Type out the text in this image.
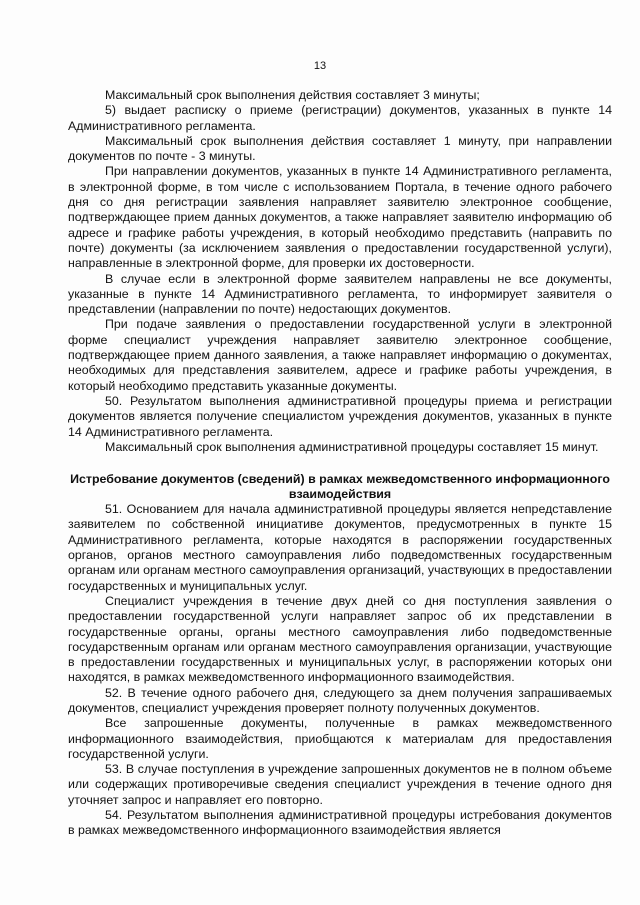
13

Максимальный срок выполнения действия составляет 3 минуты;

5) выдает расписку о приеме (регистрации) документов, указанных в пункте 14 Административного регламента.

Максимальный срок выполнения действия составляет 1 минуту, при направлении документов по почте - 3 минуты.

При направлении документов, указанных в пункте 14 Административного регламента, в электронной форме, в том числе с использованием Портала, в течение одного рабочего дня со дня регистрации заявления направляет заявителю электронное сообщение, подтверждающее прием данных документов, а также направляет заявителю информацию об адресе и графике работы учреждения, в который необходимо представить (направить по почте) документы (за исключением заявления о предоставлении государственной услуги), направленные в электронной форме, для проверки их достоверности.

В случае если в электронной форме заявителем направлены не все документы, указанные в пункте 14 Административного регламента, то информирует заявителя о представлении (направлении по почте) недостающих документов.

При подаче заявления о предоставлении государственной услуги в электронной форме специалист учреждения направляет заявителю электронное сообщение, подтверждающее прием данного заявления, а также направляет информацию о документах, необходимых для представления заявителем, адресе и графике работы учреждения, в который необходимо представить указанные документы.

50. Результатом выполнения административной процедуры приема и регистрации документов является получение специалистом учреждения документов, указанных в пункте 14 Административного регламента.

Максимальный срок выполнения административной процедуры составляет 15 минут.

Истребование документов (сведений) в рамках межведомственного информационного взаимодействия

51. Основанием для начала административной процедуры является непредставление заявителем по собственной инициативе документов, предусмотренных в пункте 15 Административного регламента, которые находятся в распоряжении государственных органов, органов местного самоуправления либо подведомственных государственным органам или органам местного самоуправления организаций, участвующих в предоставлении государственных и муниципальных услуг.

Специалист учреждения в течение двух дней со дня поступления заявления о предоставлении государственной услуги направляет запрос об их представлении в государственные органы, органы местного самоуправления либо подведомственные государственным органам или органам местного самоуправления организации, участвующие в предоставлении государственных и муниципальных услуг, в распоряжении которых они находятся, в рамках межведомственного информационного взаимодействия.

52. В течение одного рабочего дня, следующего за днем получения запрашиваемых документов, специалист учреждения проверяет полноту полученных документов.

Все запрошенные документы, полученные в рамках межведомственного информационного взаимодействия, приобщаются к материалам для предоставления государственной услуги.

53. В случае поступления в учреждение запрошенных документов не в полном объеме или содержащих противоречивые сведения специалист учреждения в течение одного дня уточняет запрос и направляет его повторно.

54. Результатом выполнения административной процедуры истребования документов в рамках межведомственного информационного взаимодействия является
